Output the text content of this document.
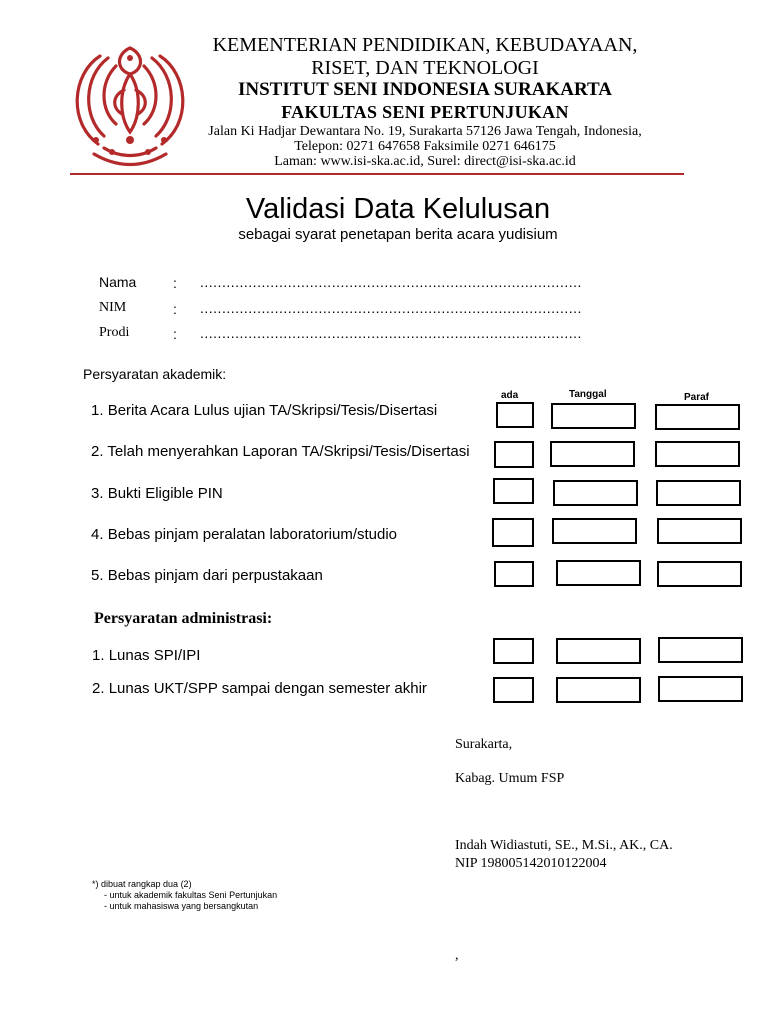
KEMENTERIAN PENDIDIKAN, KEBUDAYAAN,
RISET, DAN TEKNOLOGI
INSTITUT SENI INDONESIA SURAKARTA
FAKULTAS SENI PERTUNJUKAN
Jalan Ki Hadjar Dewantara No. 19, Surakarta 57126 Jawa Tengah, Indonesia,
Telepon: 0271 647658 Faksimile 0271 646175
Laman: www.isi-ska.ac.id, Surel: direct@isi-ska.ac.id
Validasi Data Kelulusan
sebagai syarat penetapan berita acara yudisium
Nama	: .......................................................................................
NIM	: .......................................................................................
Prodi	: .......................................................................................
Persyaratan akademik:
ada	Tanggal	Paraf
1. Berita Acara Lulus ujian TA/Skripsi/Tesis/Disertasi
2. Telah menyerahkan Laporan TA/Skripsi/Tesis/Disertasi
3. Bukti Eligible PIN
4. Bebas pinjam peralatan laboratorium/studio
5. Bebas pinjam dari perpustakaan
Persyaratan administrasi:
1. Lunas SPI/IPI
2. Lunas UKT/SPP sampai dengan semester akhir
Surakarta,
Kabag. Umum FSP
Indah Widiastuti, SE., M.Si., AK., CA.
NIP 198005142010122004
,
*) dibuat rangkap dua (2)
- untuk akademik fakultas Seni Pertunjukan
- untuk mahasiswa yang bersangkutan
